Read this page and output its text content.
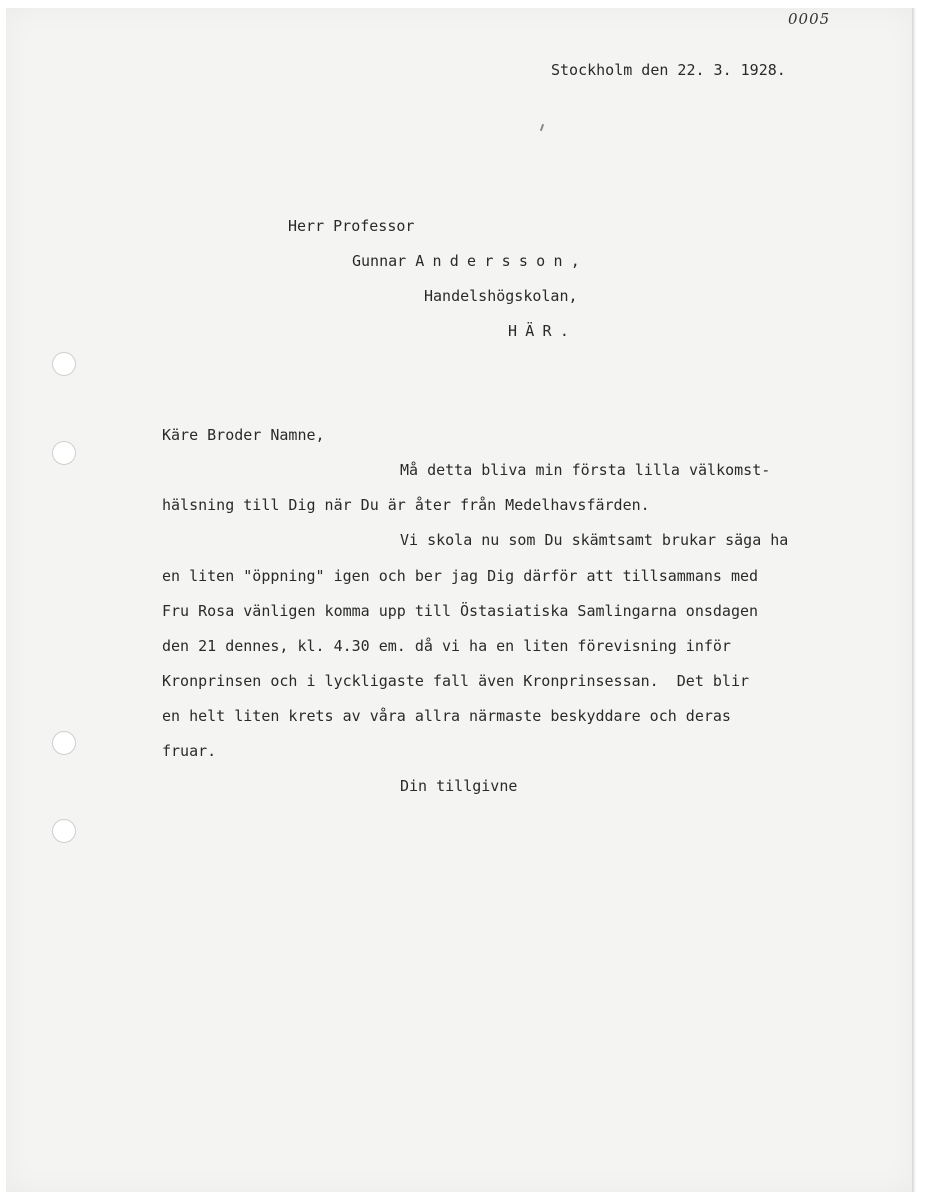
0005
Stockholm den 22. 3. 1928.
Herr Professor
Gunnar Andersson,
Handelshögskolan,
HÄR.
Käre Broder Namne,
Må detta bliva min första lilla välkomst-
hälsning till Dig när Du är åter från Medelhavsfärden.
Vi skola nu som Du skämtsamt brukar säga ha
en liten "öppning" igen och ber jag Dig därför att tillsammans med
Fru Rosa vänligen komma upp till Östasiatiska Samlingarna onsdagen
den 21 dennes, kl. 4.30 em. då vi ha en liten förevisning inför
Kronprinsen och i lyckligaste fall även Kronprinsessan.  Det blir
en helt liten krets av våra allra närmaste beskyddare och deras
fruar.
Din tillgivne
